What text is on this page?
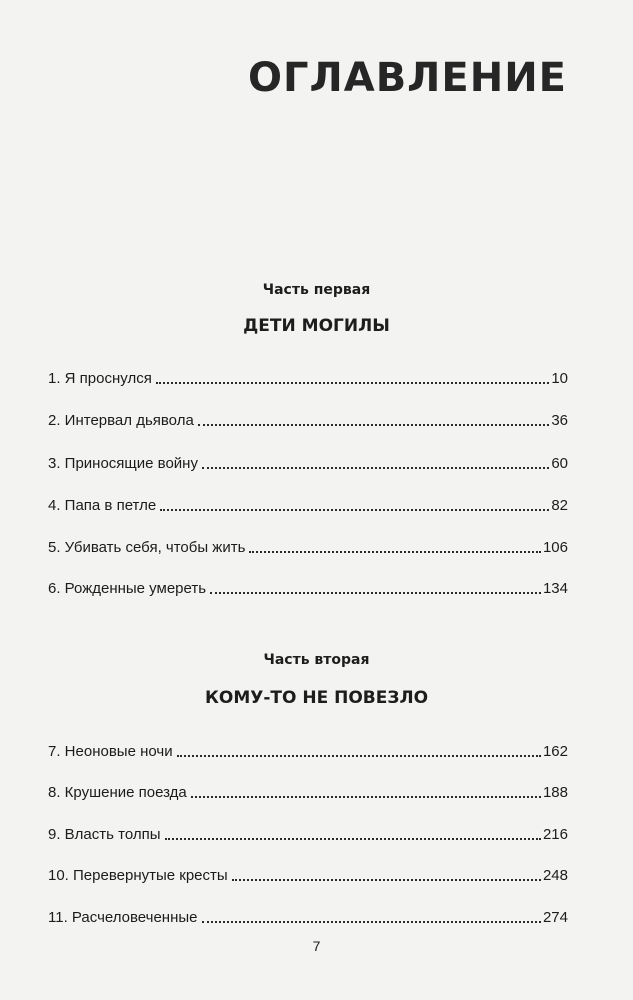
ОГЛАВЛЕНИЕ
Часть первая
ДЕТИ МОГИЛЫ
1. Я проснулся	10
2. Интервал дьявола	36
3. Приносящие войну	60
4. Папа в петле	82
5. Убивать себя, чтобы жить	106
6. Рожденные умереть	134
Часть вторая
КОМУ-ТО НЕ ПОВЕЗЛО
7. Неоновые ночи	162
8. Крушение поезда	188
9. Власть толпы	216
10. Перевернутые кресты	248
11. Расчеловеченные	274
7
